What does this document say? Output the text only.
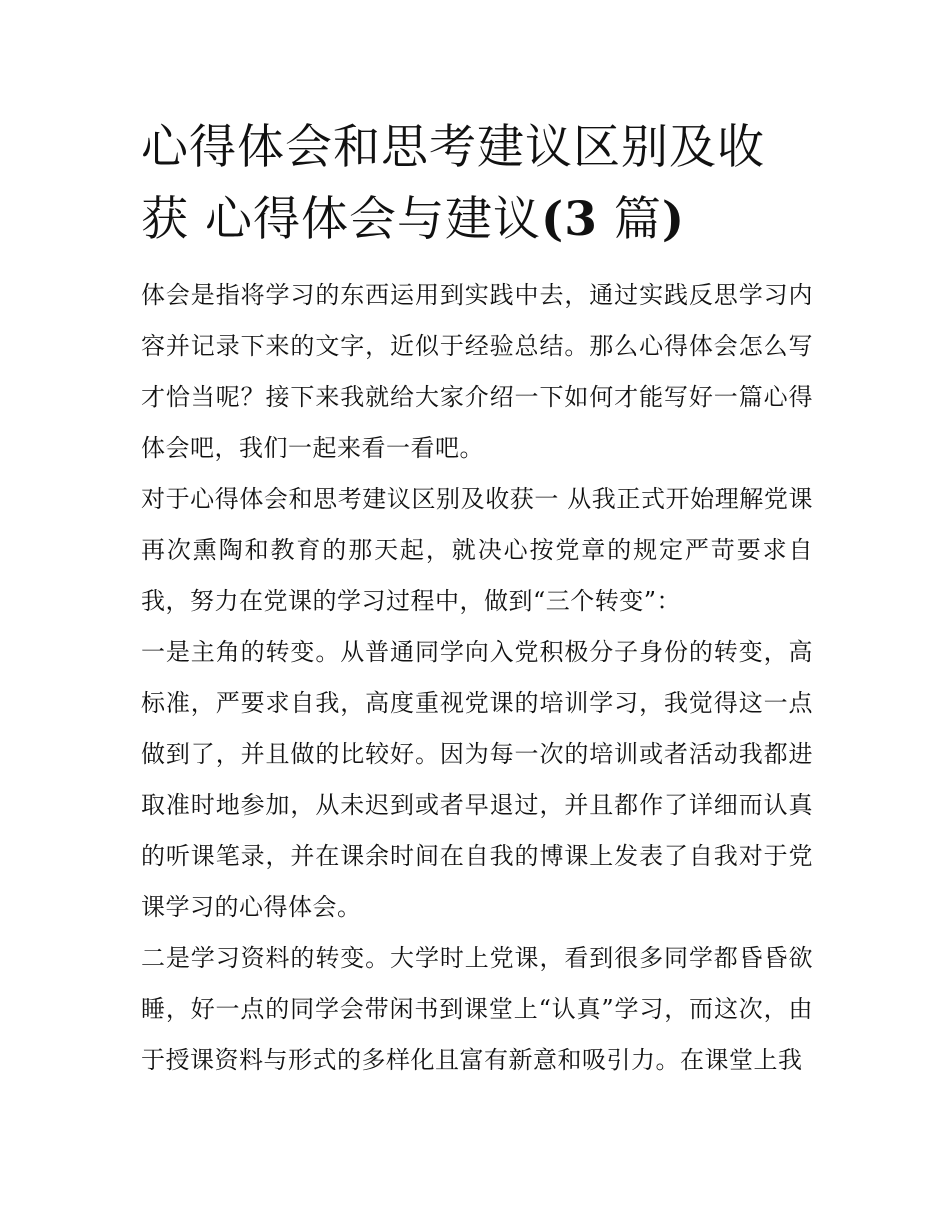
心得体会和思考建议区别及收
获 心得体会与建议(3 篇)

体会是指将学习的东西运用到实践中去，通过实践反思学习内容并记录下来的文字，近似于经验总结。那么心得体会怎么写才恰当呢？接下来我就给大家介绍一下如何才能写好一篇心得体会吧，我们一起来看一看吧。

对于心得体会和思考建议区别及收获一 从我正式开始理解党课再次熏陶和教育的那天起，就决心按党章的规定严苛要求自我，努力在党课的学习过程中，做到“三个转变”：

一是主角的转变。从普通同学向入党积极分子身份的转变，高标准，严要求自我，高度重视党课的培训学习，我觉得这一点做到了，并且做的比较好。因为每一次的培训或者活动我都进取准时地参加，从未迟到或者早退过，并且都作了详细而认真的听课笔录，并在课余时间在自我的博课上发表了自我对于党课学习的心得体会。

二是学习资料的转变。大学时上党课，看到很多同学都昏昏欲睡，好一点的同学会带闲书到课堂上“认真”学习，而这次，由于授课资料与形式的多样化且富有新意和吸引力。在课堂上我
